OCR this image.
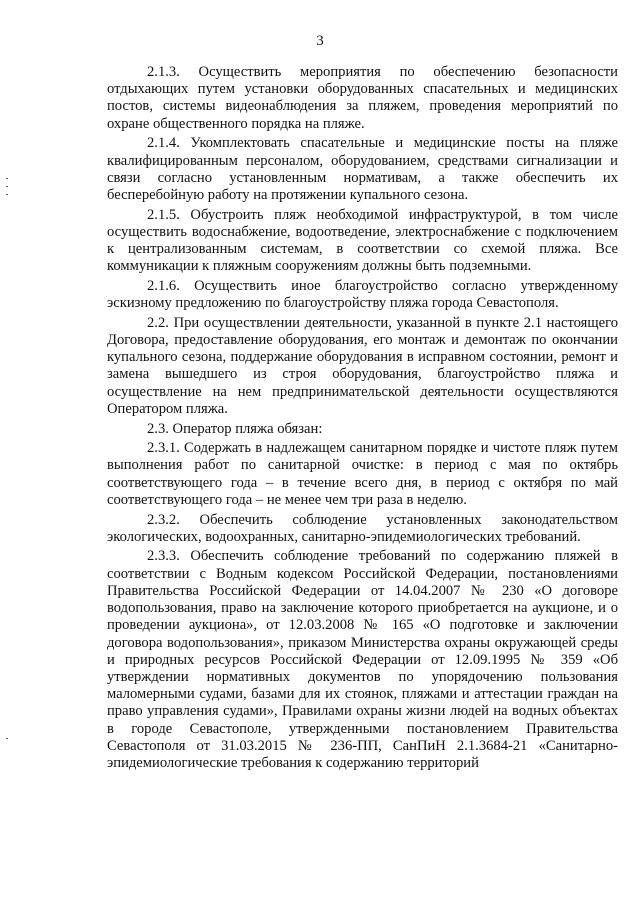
3

2.1.3. Осуществить мероприятия по обеспечению безопасности отдыхающих путем установки оборудованных спасательных и медицинских постов, системы видеонаблюдения за пляжем, проведения мероприятий по охране общественного порядка на пляже.

2.1.4. Укомплектовать спасательные и медицинские посты на пляже квалифицированным персоналом, оборудованием, средствами сигнализации и связи согласно установленным нормативам, а также обеспечить их бесперебойную работу на протяжении купального сезона.

2.1.5. Обустроить пляж необходимой инфраструктурой, в том числе осуществить водоснабжение, водоотведение, электроснабжение с подключением к централизованным системам, в соответствии со схемой пляжа. Все коммуникации к пляжным сооружениям должны быть подземными.

2.1.6. Осуществить иное благоустройство согласно утвержденному эскизному предложению по благоустройству пляжа города Севастополя.

2.2. При осуществлении деятельности, указанной в пункте 2.1 настоящего Договора, предоставление оборудования, его монтаж и демонтаж по окончании купального сезона, поддержание оборудования в исправном состоянии, ремонт и замена вышедшего из строя оборудования, благоустройство пляжа и осуществление на нем предпринимательской деятельности осуществляются Оператором пляжа.

2.3. Оператор пляжа обязан:

2.3.1. Содержать в надлежащем санитарном порядке и чистоте пляж путем выполнения работ по санитарной очистке: в период с мая по октябрь соответствующего года – в течение всего дня, в период с октября по май соответствующего года – не менее чем три раза в неделю.

2.3.2. Обеспечить соблюдение установленных законодательством экологических, водоохранных, санитарно-эпидемиологических требований.

2.3.3. Обеспечить соблюдение требований по содержанию пляжей в соответствии с Водным кодексом Российской Федерации, постановлениями Правительства Российской Федерации от 14.04.2007 № 230 «О договоре водопользования, право на заключение которого приобретается на аукционе, и о проведении аукциона», от 12.03.2008 № 165 «О подготовке и заключении договора водопользования», приказом Министерства охраны окружающей среды и природных ресурсов Российской Федерации от 12.09.1995 № 359 «Об утверждении нормативных документов по упорядочению пользования маломерными судами, базами для их стоянок, пляжами и аттестации граждан на право управления судами», Правилами охраны жизни людей на водных объектах в городе Севастополе, утвержденными постановлением Правительства Севастополя от 31.03.2015 № 236-ПП, СанПиН 2.1.3684-21 «Санитарно-эпидемиологические требования к содержанию территорий
